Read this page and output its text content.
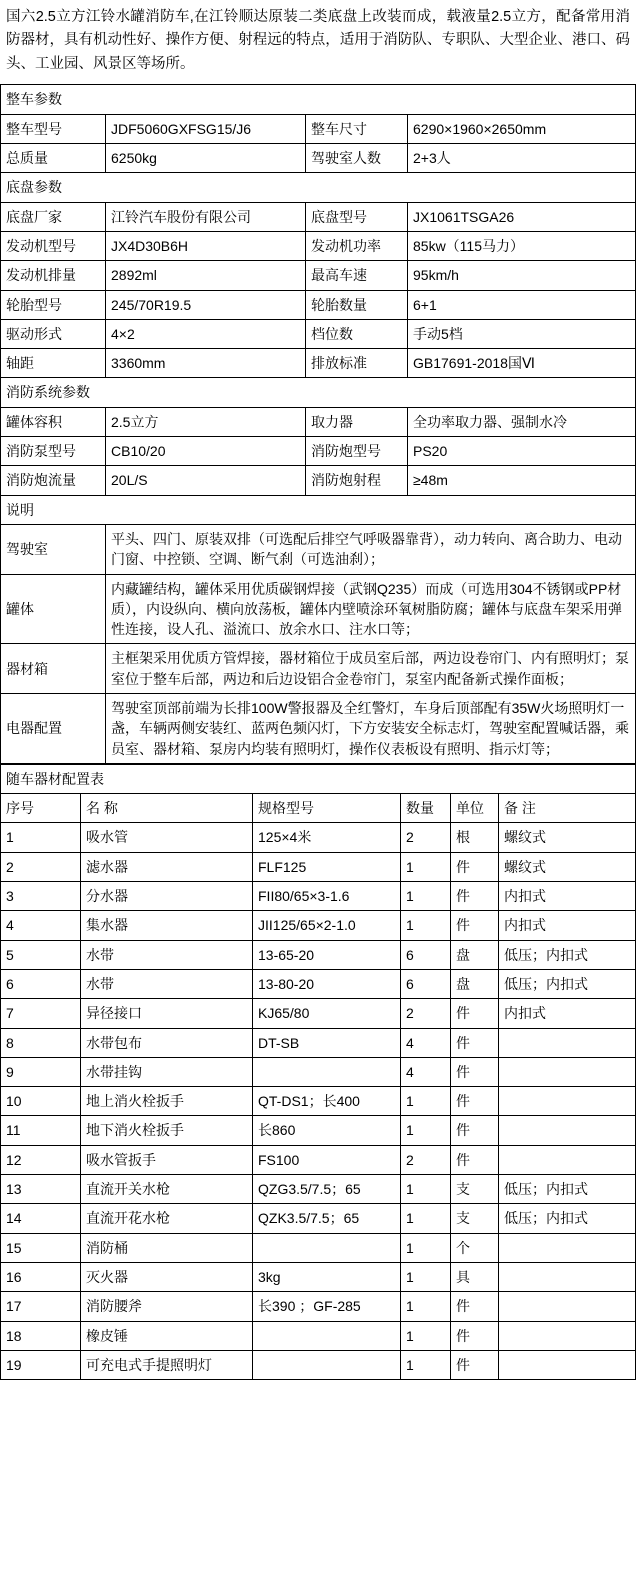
国六2.5立方江铃水罐消防车,在江铃顺达原装二类底盘上改装而成，载液量2.5立方，配备常用消防器材，具有机动性好、操作方便、射程远的特点，适用于消防队、专职队、大型企业、港口、码头、工业园、风景区等场所。
整车参数			
整车型号	JDF5060GXFSG15/J6	整车尺寸	6290×1960×2650mm
总质量	6250kg	驾驶室人数	2+3人
底盘参数			
底盘厂家	江铃汽车股份有限公司	底盘型号	JX1061TSGA26
发动机型号	JX4D30B6H	发动机功率	85kw（115马力）
发动机排量	2892ml	最高车速	95km/h
轮胎型号	245/70R19.5	轮胎数量	6+1
驱动形式	4×2	档位数	手动5档
轴距	3360mm	排放标准	GB17691-2018国Ⅵ
消防系统参数			
罐体容积	2.5立方	取力器	全功率取力器、强制水冷
消防泵型号	CB10/20	消防炮型号	PS20
消防炮流量	20L/S	消防炮射程	≥48m
说明			
驾驶室	平头、四门、原装双排（可选配后排空气呼吸器靠背），动力转向、离合助力、电动门窗、中控锁、空调、断气刹（可选油刹）；		
罐体	内藏罐结构，罐体采用优质碳钢焊接（武钢Q235）而成（可选用304不锈钢或PP材质），内设纵向、横向放荡板，罐体内壁喷涂环氧树脂防腐；罐体与底盘车架采用弹性连接，设人孔、溢流口、放余水口、注水口等；		
器材箱	主框架采用优质方管焊接，器材箱位于成员室后部，两边设卷帘门、内有照明灯；泵室位于整车后部，两边和后边设铝合金卷帘门，泵室内配备新式操作面板；		
电器配置	驾驶室顶部前端为长排100W警报器及全红警灯，车身后顶部配有35W火场照明灯一盏，车辆两侧安装红、蓝两色频闪灯，下方安装安全标志灯，驾驶室配置喊话器，乘员室、器材箱、泵房内均装有照明灯，操作仪表板设有照明、指示灯等；		
随车器材配置表					
序号	名 称	规格型号	数量	单位	备 注
1	吸水管	125×4米	2	根	螺纹式
2	滤水器	FLF125	1	件	螺纹式
3	分水器	FII80/65×3-1.6	1	件	内扣式
4	集水器	JII125/65×2-1.0	1	件	内扣式
5	水带	13-65-20	6	盘	低压；内扣式
6	水带	13-80-20	6	盘	低压；内扣式
7	异径接口	KJ65/80	2	件	内扣式
8	水带包布	DT-SB	4	件	
9	水带挂钩		4	件	
10	地上消火栓扳手	QT-DS1；长400	1	件	
11	地下消火栓扳手	长860	1	件	
12	吸水管扳手	FS100	2	件	
13	直流开关水枪	QZG3.5/7.5；65	1	支	低压；内扣式
14	直流开花水枪	QZK3.5/7.5；65	1	支	低压；内扣式
15	消防桶		1	个	
16	灭火器	3kg	1	具	
17	消防腰斧	长390 ；GF-285	1	件	
18	橡皮锤		1	件	
19	可充电式手提照明灯		1	件	
